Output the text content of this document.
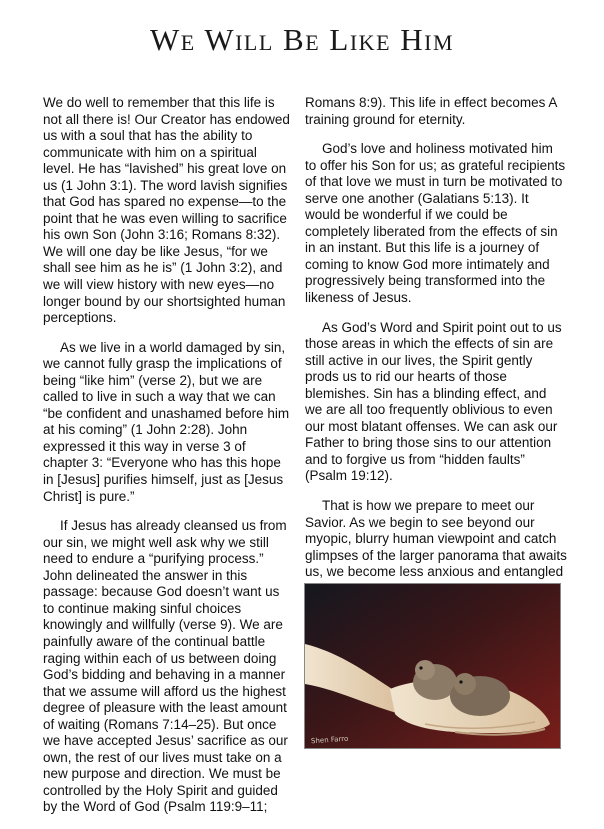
We Will Be Like Him

We do well to remember that this life is not all there is! Our Creator has endowed us with a soul that has the ability to communicate with him on a spiritual level. He has “lavished” his great love on us (1 John 3:1). The word lavish signifies that God has spared no expense—to the point that he was even willing to sacrifice his own Son (John 3:16; Romans 8:32). We will one day be like Jesus, “for we shall see him as he is” (1 John 3:2), and we will view history with new eyes—no longer bound by our shortsighted human perceptions.

As we live in a world damaged by sin, we cannot fully grasp the implications of being “like him” (verse 2), but we are called to live in such a way that we can “be confident and unashamed before him at his coming” (1 John 2:28). John expressed it this way in verse 3 of chapter 3: “Everyone who has this hope in [Jesus] purifies himself, just as [Jesus Christ] is pure.”

If Jesus has already cleansed us from our sin, we might well ask why we still need to endure a “purifying process.” John delineated the answer in this passage: because God doesn’t want us to continue making sinful choices knowingly and willfully (verse 9). We are painfully aware of the continual battle raging within each of us between doing God’s bidding and behaving in a manner that we assume will afford us the highest degree of pleasure with the least amount of waiting (Romans 7:14–25). But once we have accepted Jesus’ sacrifice as our own, the rest of our lives must take on a new purpose and direction. We must be controlled by the Holy Spirit and guided by the Word of God (Psalm 119:9–11;

Romans 8:9). This life in effect becomes A training ground for eternity.

God’s love and holiness motivated him to offer his Son for us; as grateful recipients of that love we must in turn be motivated to serve one another (Galatians 5:13). It would be wonderful if we could be completely liberated from the effects of sin in an instant. But this life is a journey of coming to know God more intimately and progressively being transformed into the likeness of Jesus.

As God’s Word and Spirit point out to us those areas in which the effects of sin are still active in our lives, the Spirit gently prods us to rid our hearts of those blemishes. Sin has a blinding effect, and we are all too frequently oblivious to even our most blatant offenses. We can ask our Father to bring those sins to our attention and to forgive us from “hidden faults” (Psalm 19:12).

That is how we prepare to meet our Savior. As we begin to see beyond our myopic, blurry human viewpoint and catch glimpses of the larger panorama that awaits us, we become less anxious and entangled

Shen Farro
